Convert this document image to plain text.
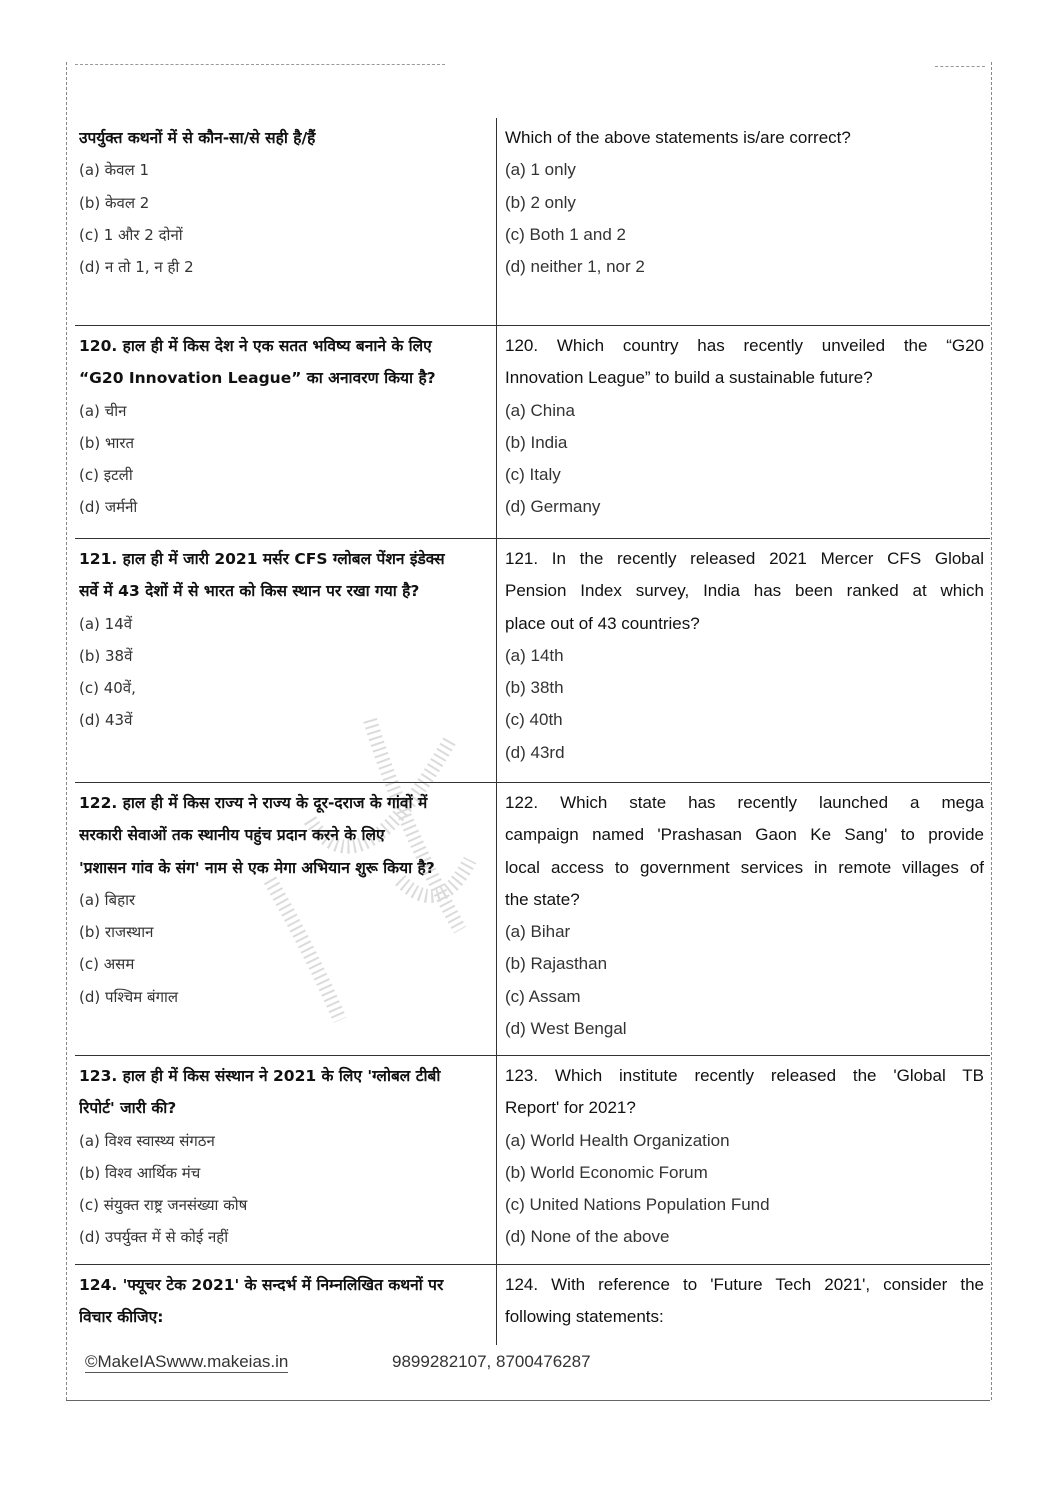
उपर्युक्त कथनों में से कौन-सा/से सही है/हैं
(a) केवल 1
(b) केवल 2
(c) 1 और 2 दोनों
(d) न तो 1, न ही 2
Which of the above statements is/are correct?
(a) 1 only
(b) 2 only
(c) Both 1 and 2
(d) neither 1, nor 2
120. हाल ही में किस देश ने एक सतत भविष्य बनाने के लिए
“G20 Innovation League” का अनावरण किया है?
(a) चीन
(b) भारत
(c) इटली
(d) जर्मनी
120. Which country has recently unveiled the “G20
Innovation League” to build a sustainable future?
(a) China
(b) India
(c) Italy
(d) Germany
121. हाल ही में जारी 2021 मर्सर CFS ग्लोबल पेंशन इंडेक्स
सर्वे में 43 देशों में से भारत को किस स्थान पर रखा गया है?
(a) 14वें
(b) 38वें
(c) 40वें,
(d) 43वें
121. In the recently released 2021 Mercer CFS Global
Pension Index survey, India has been ranked at which
place out of 43 countries?
(a) 14th
(b) 38th
(c) 40th
(d) 43rd
122. हाल ही में किस राज्य ने राज्य के दूर-दराज के गांवों में
सरकारी सेवाओं तक स्थानीय पहुंच प्रदान करने के लिए
'प्रशासन गांव के संग' नाम से एक मेगा अभियान शुरू किया है?
(a) बिहार
(b) राजस्थान
(c) असम
(d) पश्चिम बंगाल
122. Which state has recently launched a mega
campaign named 'Prashasan Gaon Ke Sang' to provide
local access to government services in remote villages of
the state?
(a) Bihar
(b) Rajasthan
(c) Assam
(d) West Bengal
123. हाल ही में किस संस्थान ने 2021 के लिए 'ग्लोबल टीबी
रिपोर्ट' जारी की?
(a) विश्व स्वास्थ्य संगठन
(b) विश्व आर्थिक मंच
(c) संयुक्त राष्ट्र जनसंख्या कोष
(d) उपर्युक्त में से कोई नहीं
123. Which institute recently released the 'Global TB
Report' for 2021?
(a) World Health Organization
(b) World Economic Forum
(c) United Nations Population Fund
(d) None of the above
124. 'फ्यूचर टेक 2021' के सन्दर्भ में निम्नलिखित कथनों पर
विचार कीजिए:
124. With reference to 'Future Tech 2021', consider the
following statements:
©MakeIASwww.makeias.in	9899282107, 8700476287
